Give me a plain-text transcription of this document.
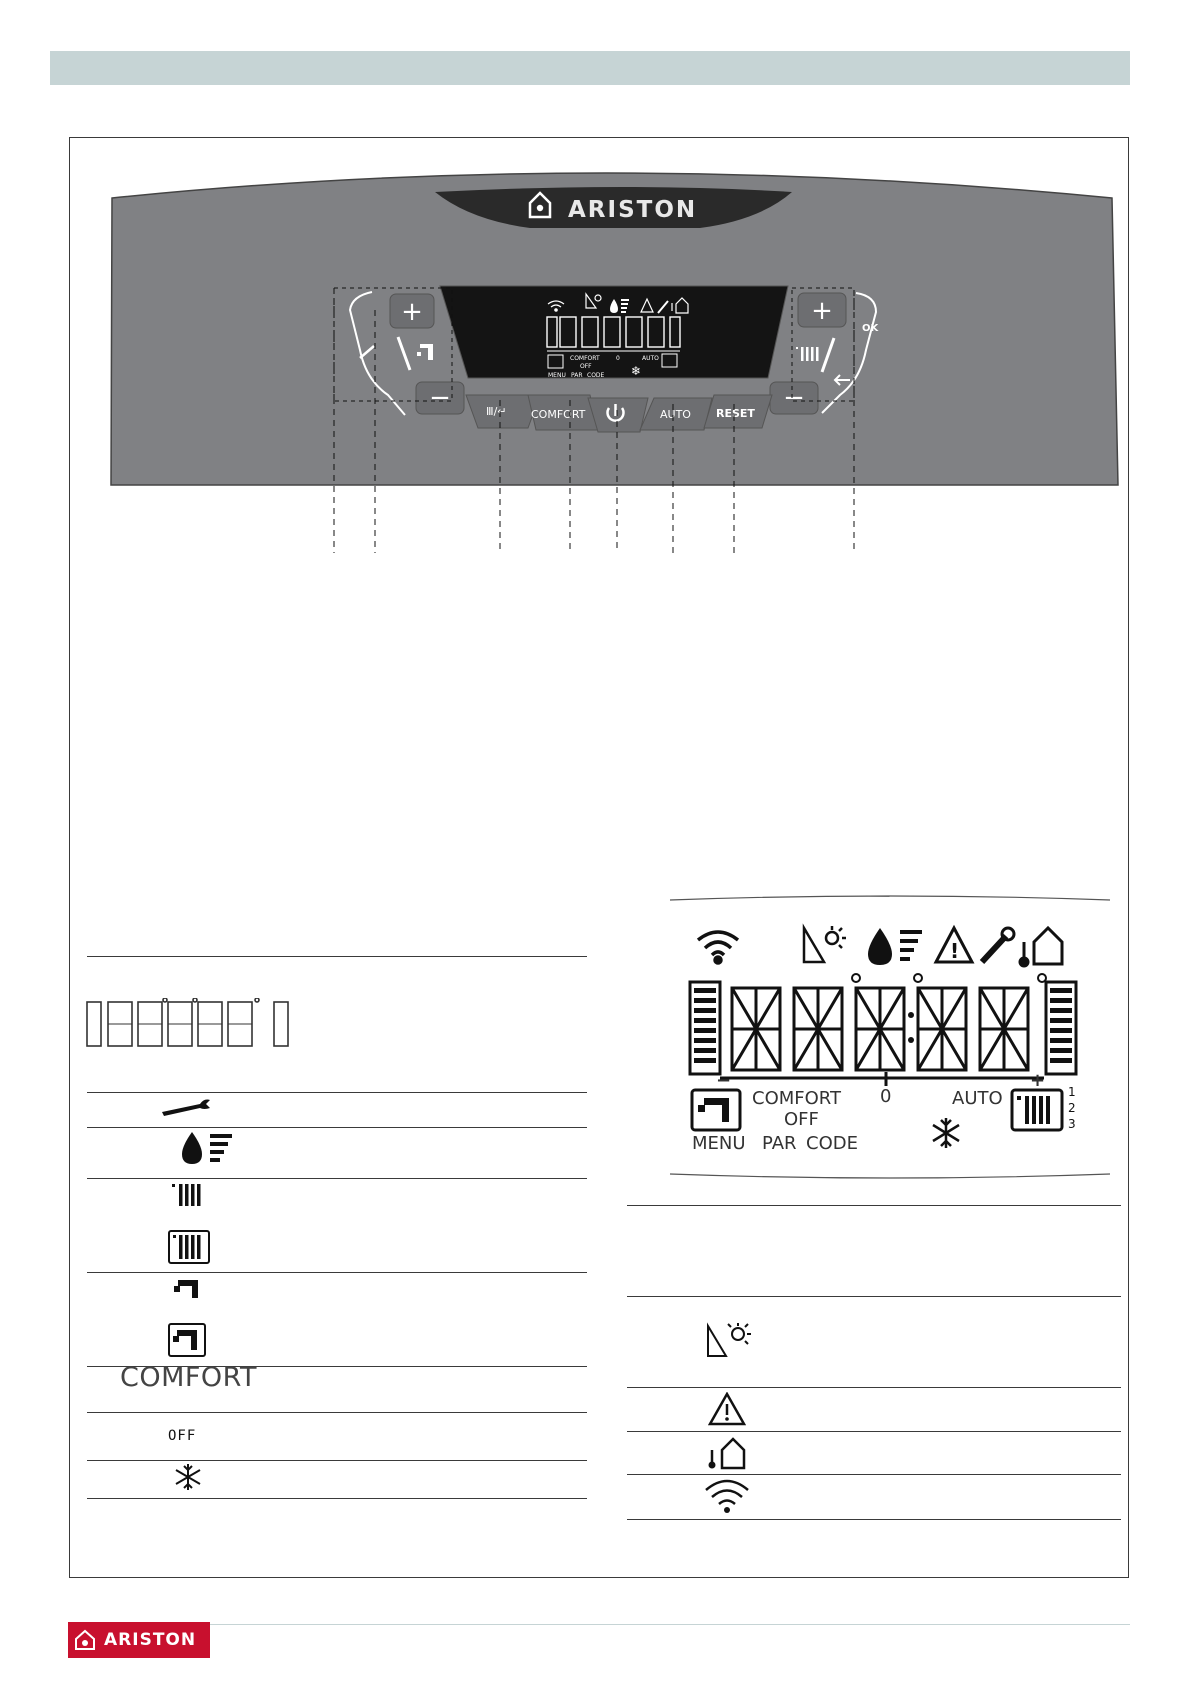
ARISTON
COMFORT
OFF
MENU PAR CODE
0	AUTO
❄
+
−
+
−
OK
Ⅲ/↵ COMFORT	AUTO RESET
COMFORT
OFF
!
−	+
COMFORT
OFF
MENU PAR CODE
0	AUTO	1
2
3
ARISTON
